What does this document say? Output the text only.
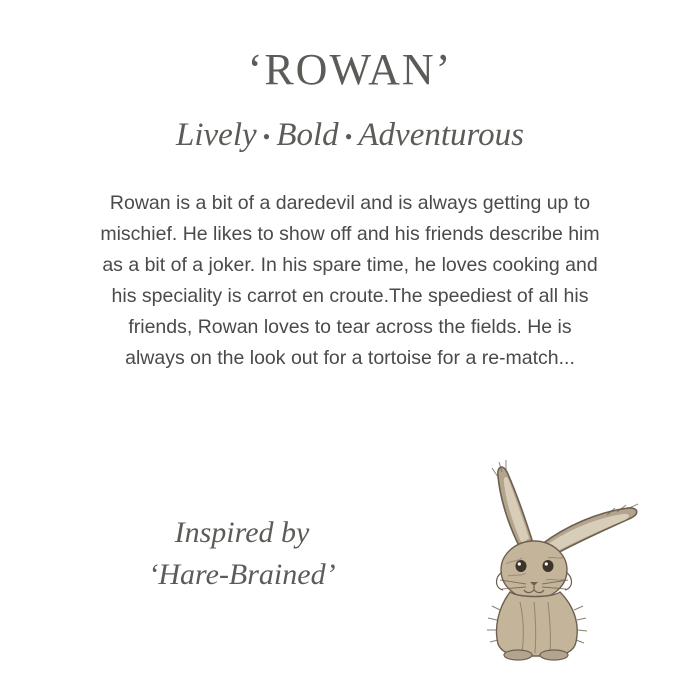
‘ROWAN’
Lively • Bold • Adventurous

Rowan is a bit of a daredevil and is always getting up to mischief. He likes to show off and his friends describe him as a bit of a joker. In his spare time, he loves cooking and his speciality is carrot en croute.The speediest of all his friends, Rowan loves to tear across the fields. He is always on the look out for a tortoise for a re-match...

Inspired by
‘Hare-Brained’
